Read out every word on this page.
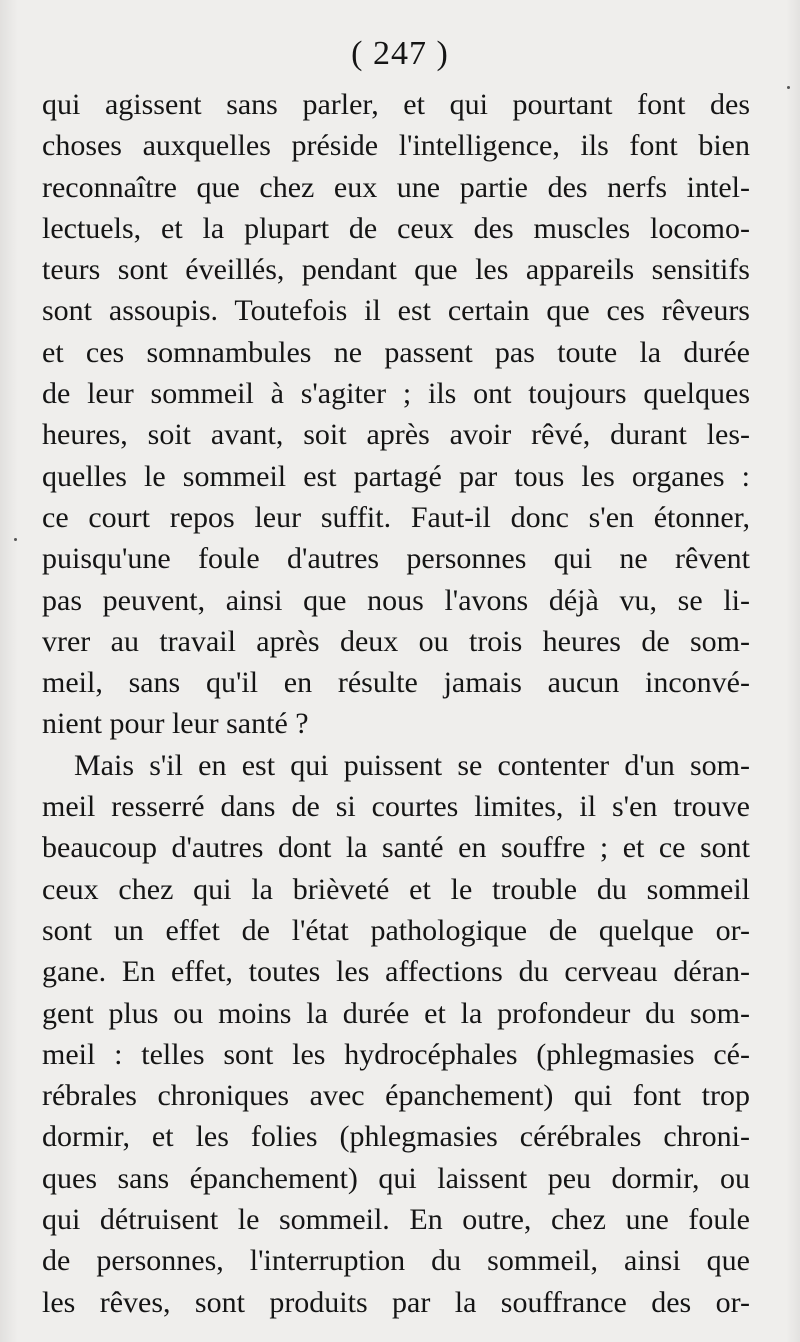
( 247 )
qui agissent sans parler, et qui pourtant font des
choses auxquelles préside l'intelligence, ils font bien
reconnaître que chez eux une partie des nerfs intel-
lectuels, et la plupart de ceux des muscles locomo-
teurs sont éveillés, pendant que les appareils sensitifs
sont assoupis. Toutefois il est certain que ces rêveurs
et ces somnambules ne passent pas toute la durée
de leur sommeil à s'agiter ; ils ont toujours quelques
heures, soit avant, soit après avoir rêvé, durant les-
quelles le sommeil est partagé par tous les organes :
ce court repos leur suffit. Faut-il donc s'en étonner,
puisqu'une foule d'autres personnes qui ne rêvent
pas peuvent, ainsi que nous l'avons déjà vu, se li-
vrer au travail après deux ou trois heures de som-
meil, sans qu'il en résulte jamais aucun inconvé-
nient pour leur santé ?
Mais s'il en est qui puissent se contenter d'un som-
meil resserré dans de si courtes limites, il s'en trouve
beaucoup d'autres dont la santé en souffre ; et ce sont
ceux chez qui la brièveté et le trouble du sommeil
sont un effet de l'état pathologique de quelque or-
gane. En effet, toutes les affections du cerveau déran-
gent plus ou moins la durée et la profondeur du som-
meil : telles sont les hydrocéphales (phlegmasies cé-
rébrales chroniques avec épanchement) qui font trop
dormir, et les folies (phlegmasies cérébrales chroni-
ques sans épanchement) qui laissent peu dormir, ou
qui détruisent le sommeil. En outre, chez une foule
de personnes, l'interruption du sommeil, ainsi que
les rêves, sont produits par la souffrance des or-
